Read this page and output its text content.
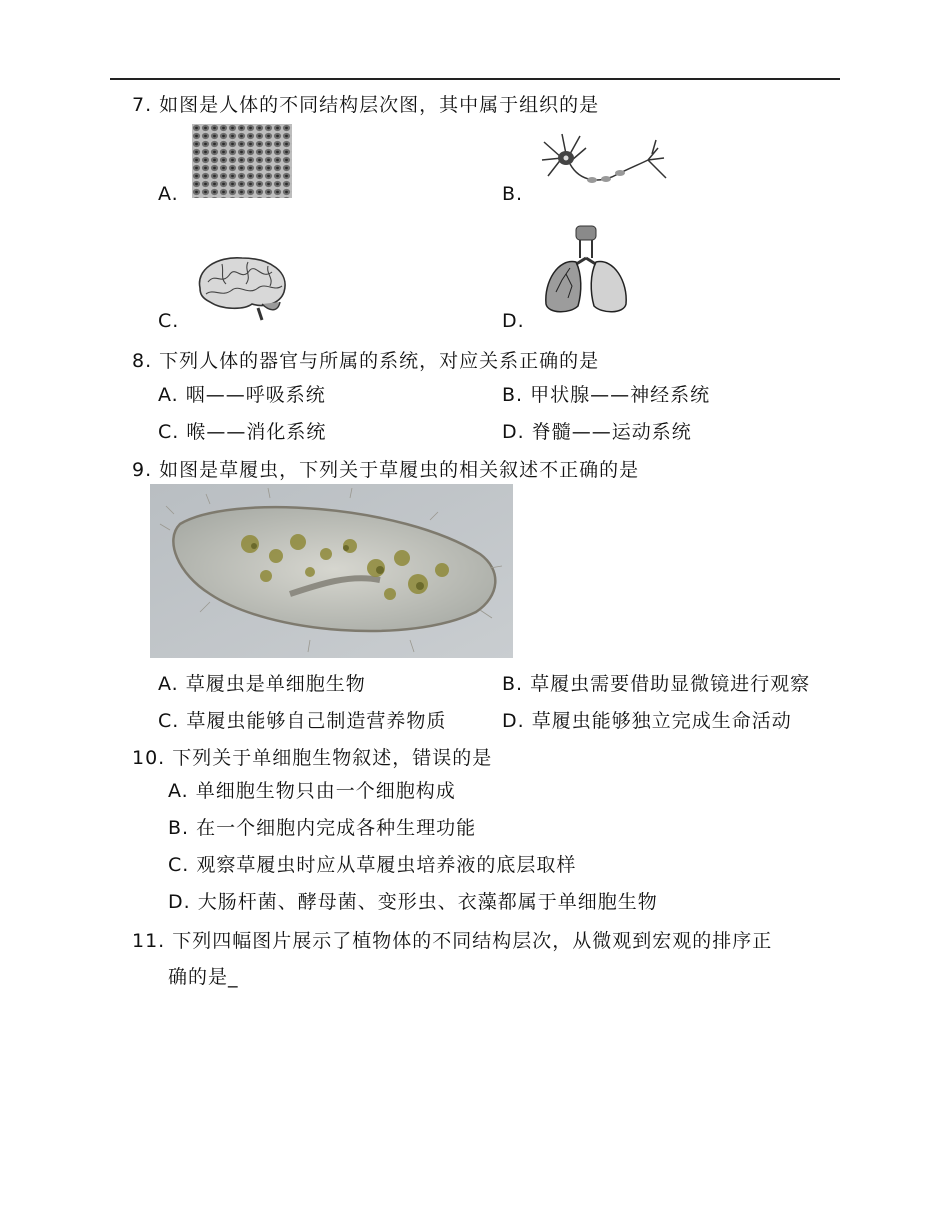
7. 如图是人体的不同结构层次图，其中属于组织的是
A.	B.
C.	D.
8. 下列人体的器官与所属的系统，对应关系正确的是
A. 咽——呼吸系统	B. 甲状腺——神经系统
C. 喉——消化系统	D. 脊髓——运动系统
9. 如图是草履虫，下列关于草履虫的相关叙述不正确的是
A. 草履虫是单细胞生物	B. 草履虫需要借助显微镜进行观察
C. 草履虫能够自己制造营养物质	D. 草履虫能够独立完成生命活动
10. 下列关于单细胞生物叙述，错误的是
A. 单细胞生物只由一个细胞构成
B. 在一个细胞内完成各种生理功能
C. 观察草履虫时应从草履虫培养液的底层取样
D. 大肠杆菌、酵母菌、变形虫、衣藻都属于单细胞生物
11. 下列四幅图片展示了植物体的不同结构层次，从微观到宏观的排序正
确的是_
